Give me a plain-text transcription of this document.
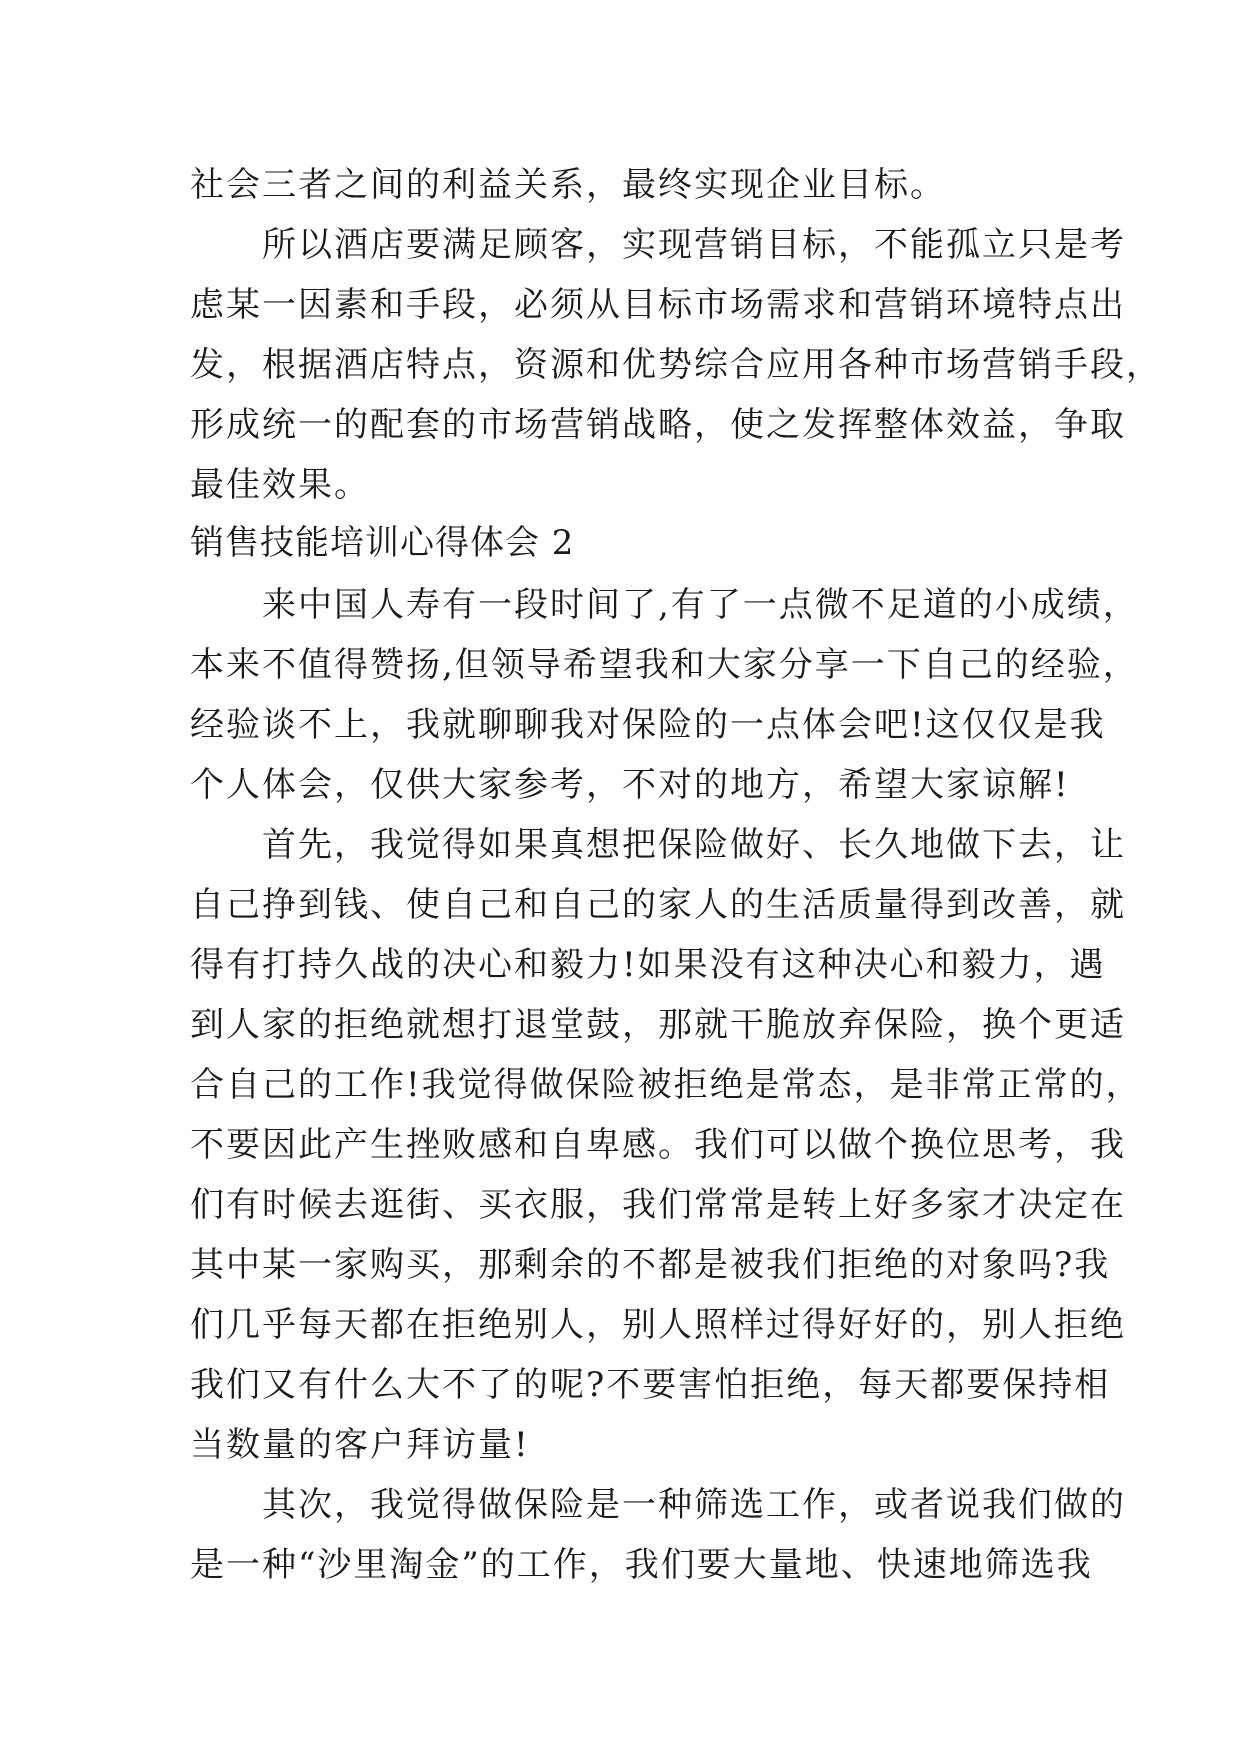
社会三者之间的利益关系，最终实现企业目标。
　　所以酒店要满足顾客，实现营销目标，不能孤立只是考
虑某一因素和手段，必须从目标市场需求和营销环境特点出
发，根据酒店特点，资源和优势综合应用各种市场营销手段，
形成统一的配套的市场营销战略，使之发挥整体效益，争取
最佳效果。
销售技能培训心得体会 2
　　来中国人寿有一段时间了,有了一点微不足道的小成绩，
本来不值得赞扬,但领导希望我和大家分享一下自己的经验，
经验谈不上，我就聊聊我对保险的一点体会吧!这仅仅是我
个人体会，仅供大家参考，不对的地方，希望大家谅解!
　　首先，我觉得如果真想把保险做好、长久地做下去，让
自己挣到钱、使自己和自己的家人的生活质量得到改善，就
得有打持久战的决心和毅力!如果没有这种决心和毅力，遇
到人家的拒绝就想打退堂鼓，那就干脆放弃保险，换个更适
合自己的工作!我觉得做保险被拒绝是常态，是非常正常的，
不要因此产生挫败感和自卑感。我们可以做个换位思考，我
们有时候去逛街、买衣服，我们常常是转上好多家才决定在
其中某一家购买，那剩余的不都是被我们拒绝的对象吗?我
们几乎每天都在拒绝别人，别人照样过得好好的，别人拒绝
我们又有什么大不了的呢?不要害怕拒绝，每天都要保持相
当数量的客户拜访量!
　　其次，我觉得做保险是一种筛选工作，或者说我们做的
是一种“沙里淘金”的工作，我们要大量地、快速地筛选我
